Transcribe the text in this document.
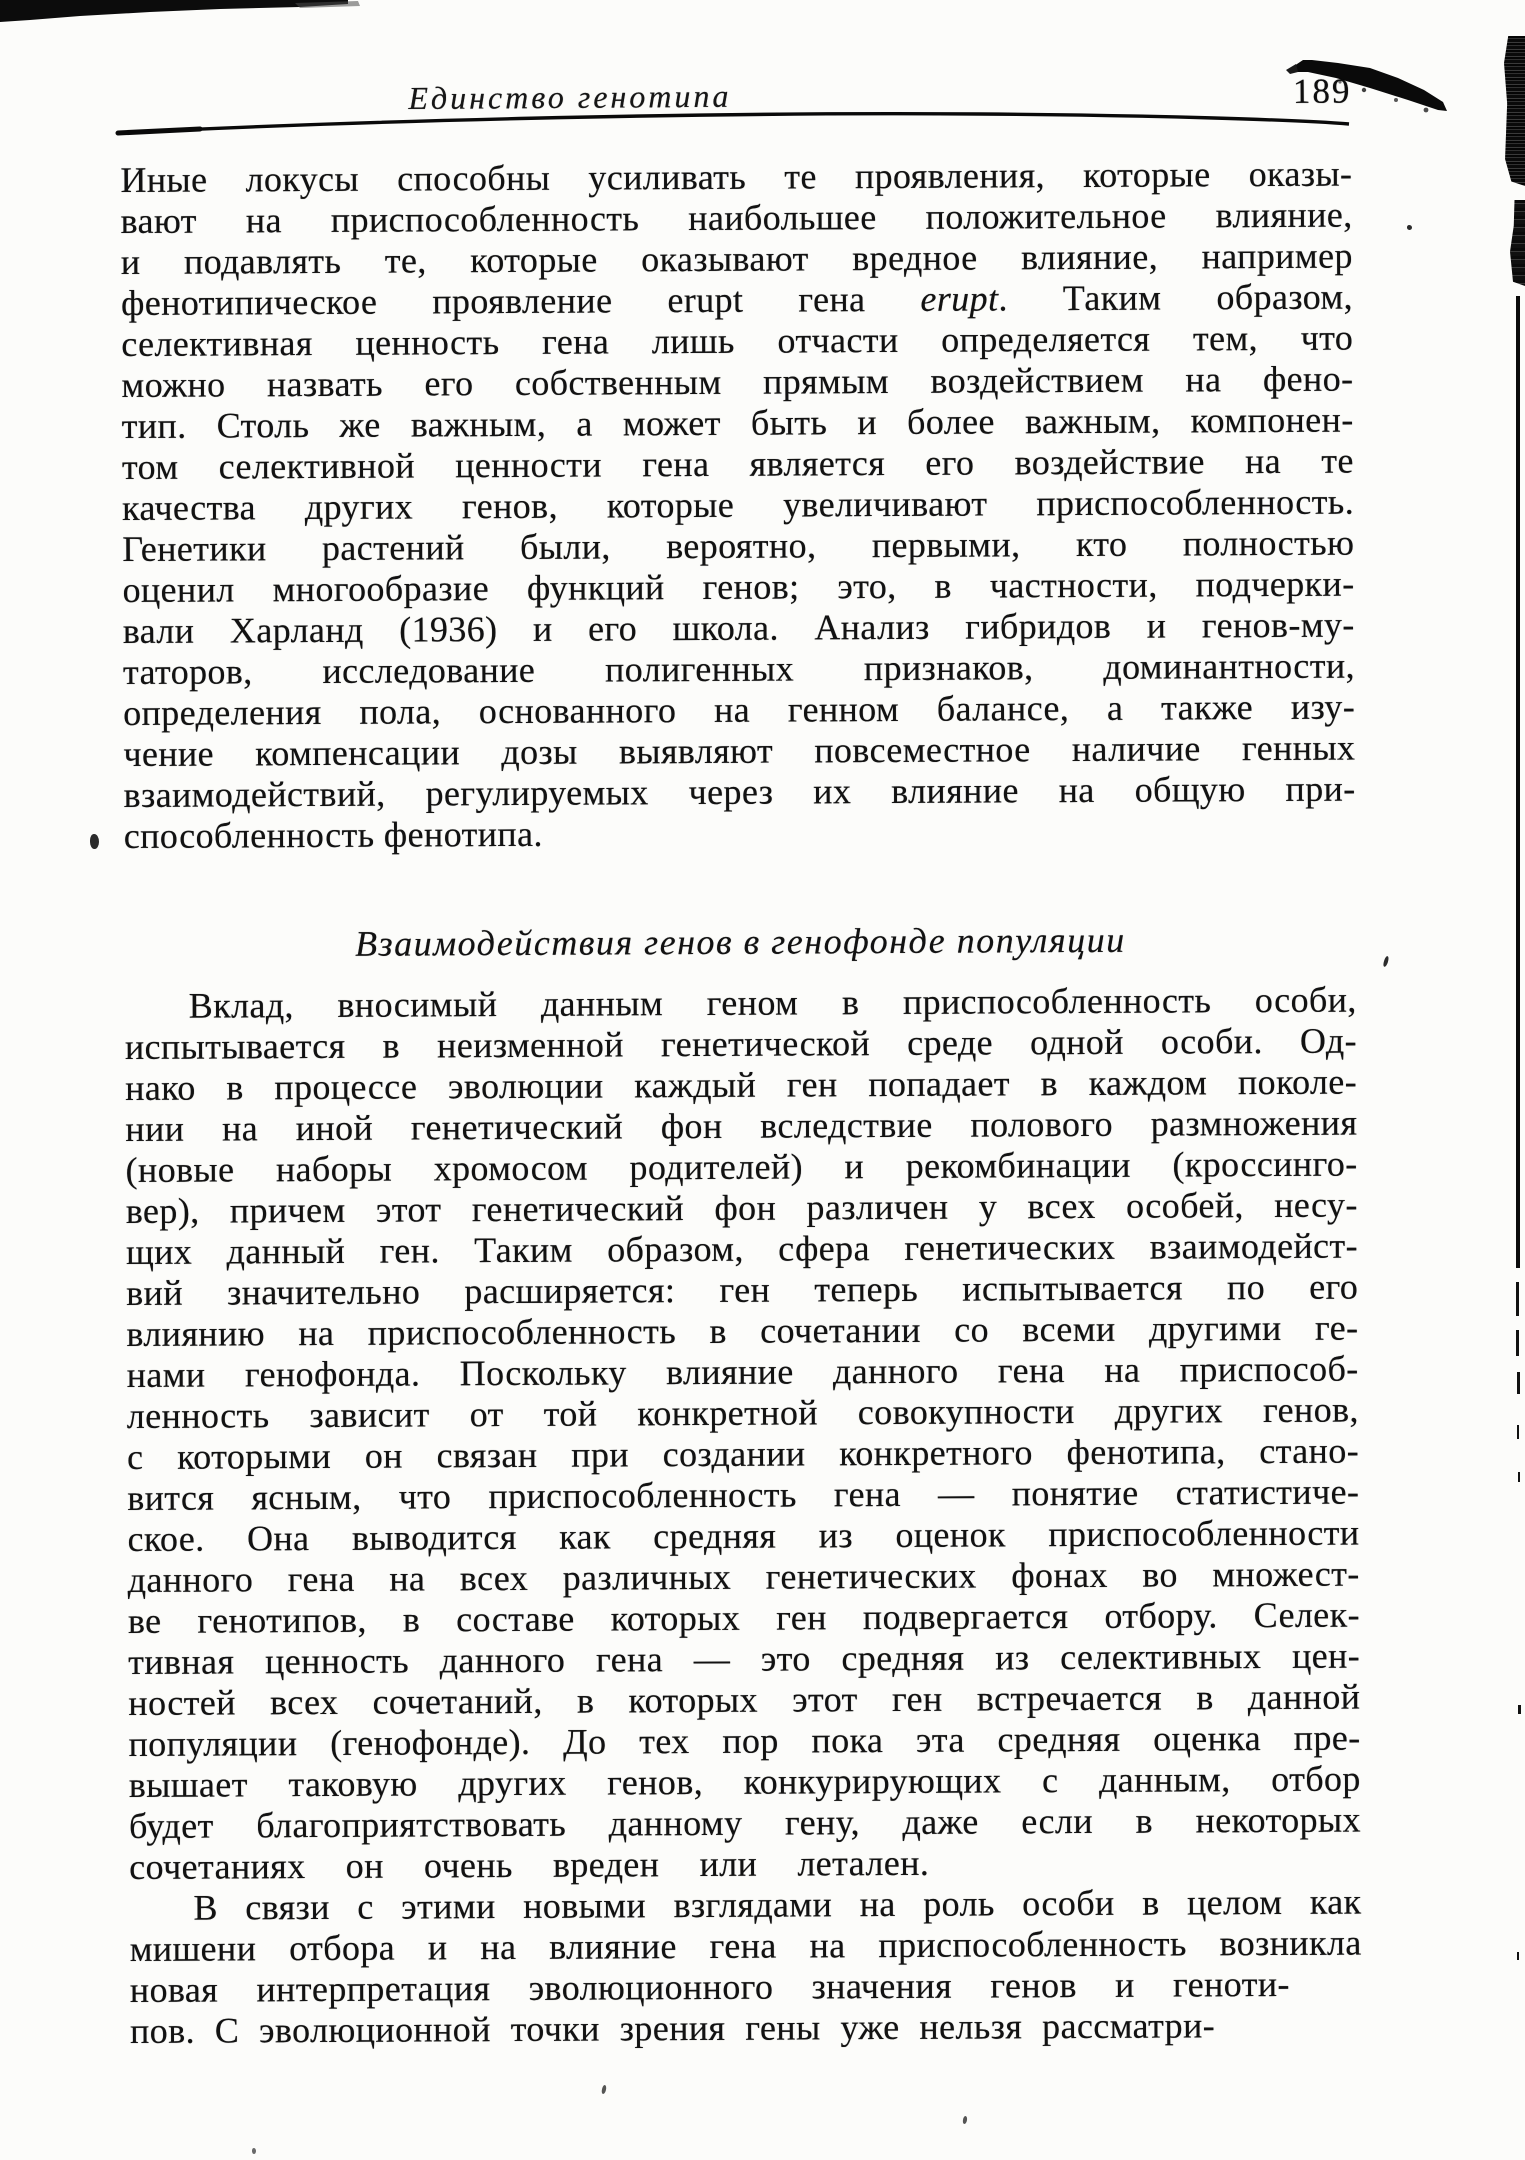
Единство генотипа	189
Иные локусы способны усиливать те проявления, которые оказы-
вают на приспособленность наибольшее положительное влияние,
и подавлять те, которые оказывают вредное влияние, например
фенотипическое проявление erupt гена erupt. Таким образом,
селективная ценность гена лишь отчасти определяется тем, что
можно назвать его собственным прямым воздействием на фено-
тип. Столь же важным, а может быть и более важным, компонен-
том селективной ценности гена является его воздействие на те
качества других генов, которые увеличивают приспособленность.
Генетики растений были, вероятно, первыми, кто полностью
оценил многообразие функций генов; это, в частности, подчерки-
вали Харланд (1936) и его школа. Анализ гибридов и генов-му-
таторов, исследование полигенных признаков, доминантности,
определения пола, основанного на генном балансе, а также изу-
чение компенсации дозы выявляют повсеместное наличие генных
взаимодействий, регулируемых через их влияние на общую при-
способленность фенотипа.
Взаимодействия генов в генофонде популяции
Вклад, вносимый данным геном в приспособленность особи,
испытывается в неизменной генетической среде одной особи. Од-
нако в процессе эволюции каждый ген попадает в каждом поколе-
нии на иной генетический фон вследствие полового размножения
(новые наборы хромосом родителей) и рекомбинации (кроссинго-
вер), причем этот генетический фон различен у всех особей, несу-
щих данный ген. Таким образом, сфера генетических взаимодейст-
вий значительно расширяется: ген теперь испытывается по его
влиянию на приспособленность в сочетании со всеми другими ге-
нами генофонда. Поскольку влияние данного гена на приспособ-
ленность зависит от той конкретной совокупности других генов,
с которыми он связан при создании конкретного фенотипа, стано-
вится ясным, что приспособленность гена — понятие статистиче-
ское. Она выводится как средняя из оценок приспособленности
данного гена на всех различных генетических фонах во множест-
ве генотипов, в составе которых ген подвергается отбору. Селек-
тивная ценность данного гена — это средняя из селективных цен-
ностей всех сочетаний, в которых этот ген встречается в данной
популяции (генофонде). До тех пор пока эта средняя оценка пре-
вышает таковую других генов, конкурирующих с данным, отбор
будет благоприятствовать данному гену, даже если в некоторых
сочетаниях он очень вреден или летален.
В связи с этими новыми взглядами на роль особи в целом как
мишени отбора и на влияние гена на приспособленность возникла
новая интерпретация эволюционного значения генов и геноти-
пов. С эволюционной точки зрения гены уже нельзя рассматри-
